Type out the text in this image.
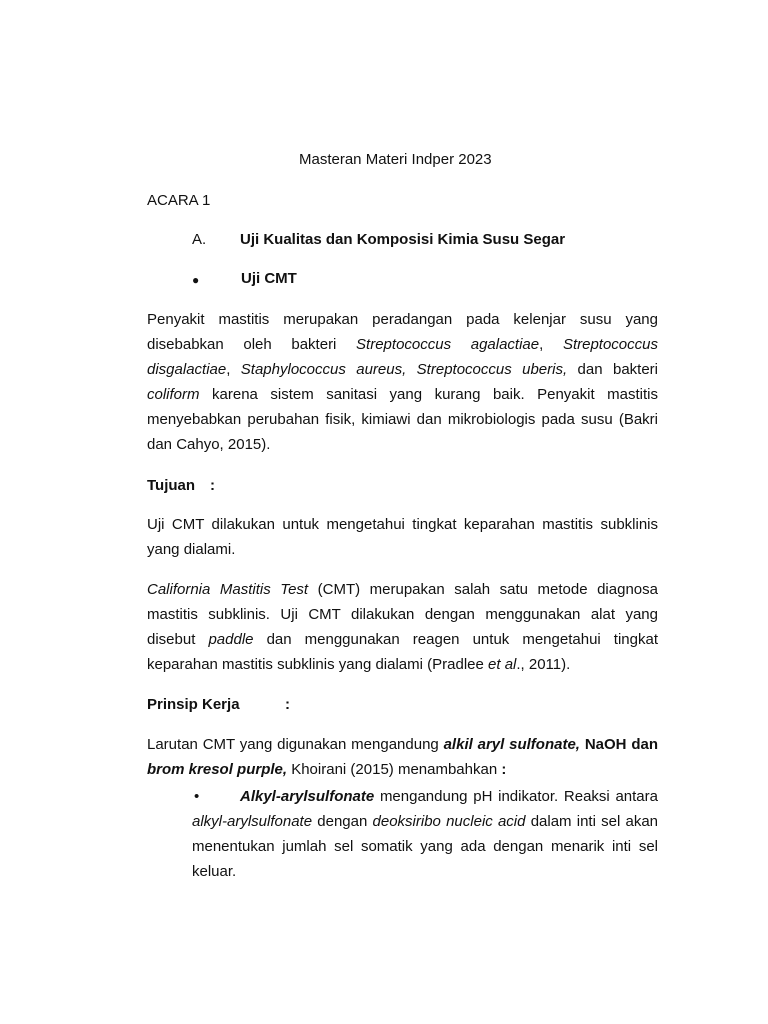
Masteran Materi Indper 2023
ACARA 1
A. Uji Kualitas dan Komposisi Kimia Susu Segar
●	Uji CMT
Penyakit mastitis merupakan peradangan pada kelenjar susu yang
disebabkan oleh bakteri Streptococcus agalactiae, Streptococcus
disgalactiae, Staphylococcus aureus, Streptococcus uberis, dan bakteri
coliform karena sistem sanitasi yang kurang baik. Penyakit mastitis
menyebabkan perubahan fisik, kimiawi dan mikrobiologis pada susu (Bakri
dan Cahyo, 2015).
Tujuan :
Uji CMT dilakukan untuk mengetahui tingkat keparahan mastitis subklinis
yang dialami.
California Mastitis Test (CMT) merupakan salah satu metode diagnosa
mastitis subklinis. Uji CMT dilakukan dengan menggunakan alat yang
disebut paddle dan menggunakan reagen untuk mengetahui tingkat
keparahan mastitis subklinis yang dialami (Pradlee et al., 2011).
Prinsip Kerja	:
Larutan CMT yang digunakan mengandung alkil aryl sulfonate, NaOH dan
brom kresol purple, Khoirani (2015) menambahkan :
•	Alkyl-arylsulfonate mengandung pH indikator. Reaksi antara
alkyl-arylsulfonate dengan deoksiribo nucleic acid dalam inti sel akan
menentukan jumlah sel somatik yang ada dengan menarik inti sel
keluar.
